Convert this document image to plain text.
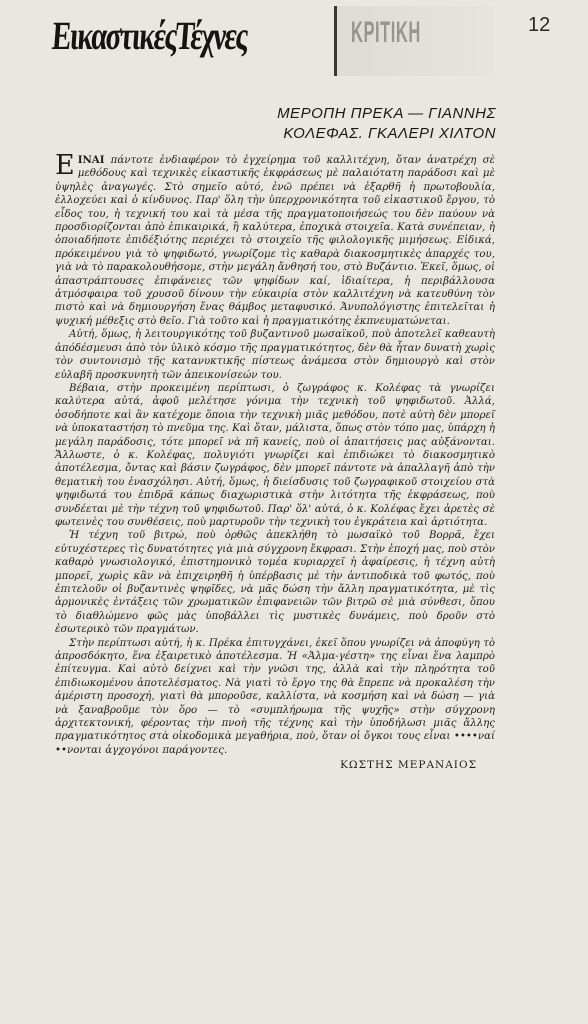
ΕικαστικέςΤέχνες	ΚΡΙΤΙΚΗ	12
ΜΕΡΟΠΗ ΠΡΕΚΑ — ΓΙΑΝΝΗΣ
ΚΟΛΕΦΑΣ. ΓΚΑΛΕΡΙ ΧΙΛΤΟΝ

ΕΙΝΑΙ πάντοτε ἐνδιαφέρον τὸ ἐγχείρημα τοῦ καλλιτέχνη, ὅταν ἀνατρέχη σὲ μεθόδους καὶ τεχνικὲς εἰκαστικῆς ἐκφράσεως μὲ παλαιότατη παράδοσι καὶ μὲ ὑψηλὲς ἀναγωγές. Στὸ σημεῖο αὐτό, ἐνῶ πρέπει νὰ ἐξαρθῆ ἡ πρωτοβουλία, ἐλλοχεύει καὶ ὁ κίνδυνος. Παρ' ὅλη τὴν ὑπερχρονικότητα τοῦ εἰκαστικοῦ ἔργου, τὸ εἶδος του, ἡ τεχνική του καὶ τὰ μέσα τῆς πραγματοποιήσεώς του δὲν παύουν νὰ προσδιορίζονται ἀπὸ ἐπικαιρικά, ἢ καλύτερα, ἐποχικὰ στοιχεῖα. Κατὰ συνέπειαν, ἡ ὁποιαδήποτε ἐπιδέξιότης περιέχει τὸ στοιχεῖο τῆς φιλολογικῆς μιμήσεως. Εἰδικά, πρόκειμένου γιὰ τὸ ψηφιδωτό, γνωρίζομε τὶς καθαρὰ διακοσμητικὲς ἀπαρχές του, γιὰ νὰ τὸ παρακολουθήσομε, στὴν μεγάλη ἄνθησή του, στὸ Βυζάντιο. Ἐκεῖ, ὅμως, οἱ ἀπαστράπτουσες ἐπιφάνειες τῶν ψηφίδων καί, ἰδιαίτερα, ἡ περιβάλλουσα ἀτμόσφαιρα τοῦ χρυσοῦ δίνουν τὴν εὐκαιρία στὸν καλλιτέχνη νὰ κατευθύνη τὸν πιστὸ καὶ νὰ δημιουργήση ἕνας θάμβος μεταφυσικό. Ἀνυπολόγιστης ἐπιτελεῖται ἡ ψυχική μέθεξις στὸ θεῖο. Γιὰ τοῦτο καὶ ἡ πραγματικότης ἐκπνευματώνεται.

Αὐτή, ὅμως, ἡ λειτουργικότης τοῦ βυζαντινοῦ μωσαϊκοῦ, ποὺ ἀποτελεῖ καθεαυτὴ ἀπόδέσμευσι ἀπὸ τὸν ὑλικὸ κόσμο τῆς πραγματικότητος, δὲν θὰ ἦταν δυνατὴ χωρὶς τὸν συντονισμὸ τῆς κατανυκτικῆς πίστεως ἀνάμεσα στὸν δημιουργὸ καὶ στὸν εὐλαβῆ προσκυνητὴ τῶν ἀπεικονίσεών του.

Βέβαια, στὴν προκειμένη περίπτωσι, ὁ ζωγράφος κ. Κολέφας τὰ γνωρίζει καλύτερα αὐτά, ἀφοῦ μελέτησε γόνιμα τὴν τεχνικὴ τοῦ ψηφιδωτοῦ. Ἀλλά, ὁσοδήποτε καὶ ἂν κατέχομε ὅποια τὴν τεχνικὴ μιᾶς μεθόδου, ποτὲ αὐτὴ δὲν μπορεῖ νὰ ὑποκαταστήση τὸ πνεῦμα της. Καὶ ὅταν, μάλιστα, ὅπως στὸν τόπο μας, ὑπάρχη ἡ μεγάλη παράδοσις, τότε μπορεῖ νὰ πῆ κανείς, ποὺ οἱ ἀπαιτήσεις μας αὐξάνονται. Ἄλλωστε, ὁ κ. Κολέφας, πολυγιότι γνωρίζει καὶ ἐπιδιώκει τὸ διακοσμητικὸ ἀποτέλεσμα, ὄντας καὶ βάσιν ζωγράφος, δὲν μπορεῖ πάντοτε νὰ ἀπαλλαγῆ ἀπὸ τὴν θεματικὴ του ἐνασχόλησι. Αὐτή, ὅμως, ἡ διείσδυσις τοῦ ζωγραφικοῦ στοιχείου στὰ ψηφιδωτά του ἐπιδρᾶ κάπως διαχωριστικὰ στὴν λιτότητα τῆς ἐκφράσεως, ποὺ συνδέεται μὲ τὴν τέχνη τοῦ ψηφιδωτοῦ. Παρ' ὅλ' αὐτά, ὁ κ. Κολέφας ἔχει ἀρετὲς σὲ φωτεινὲς του συνθέσεις, ποὺ μαρτυροῦν τὴν τεχνικὴ του ἐγκράτεια καὶ ἀρτιότητα.

Ἡ τέχνη τοῦ βιτρώ, ποὺ ὀρθῶς ἀπεκλήθη τὸ μωσαϊκὸ τοῦ Βορρᾶ, ἔχει εὐτυχέστερες τὶς δυνατότητες γιὰ μιὰ σύγχρονη ἔκφρασι. Στὴν ἐποχή μας, ποὺ στὸν καθαρὸ γνωσιολογικό, ἐπιστημονικὸ τομέα κυριαρχεῖ ἡ ἀφαίρεσις, ἡ τέχνη αὐτὴ μπορεῖ, χωρὶς κἂν νὰ ἐπιχειρηθῆ ἡ ὑπέρβασις μὲ τὴν ἀντιποδικὰ τοῦ φωτός, ποὺ ἐπιτελοῦν οἱ βυζαντινὲς ψηφῖδες, νὰ μᾶς δώση τὴν ἄλλη πραγματικότητα, μὲ τὶς ἁρμονικὲς ἐντάξεις τῶν χρωματικῶν ἐπιφανειῶν τῶν βιτρῶ σὲ μιὰ σύνθεσι, ὅπου τὸ διαθλώμενο φῶς μὰς ὑποβάλλει τὶς μυστικὲς δυνάμεις, ποὺ δροῦν στὸ ἐσωτερικὸ τῶν πραγμάτων.

Στὴν περίπτωσι αὐτή, ἡ κ. Πρέκα ἐπιτυγχάνει, ἐκεῖ ὅπου γνωρίζει νὰ ἀποφύγη τὸ ἀπροσδόκητο, ἕνα ἐξαιρετικὸ ἀποτέλεσμα. Ἡ «Ἀλμα-γέστη» της εἶναι ἕνα λαμπρὸ ἐπίτευγμα. Καὶ αὐτὸ δείχνει καὶ τὴν γνῶσι της, ἀλλὰ καὶ τὴν πληρότητα τοῦ ἐπιδιωκομένου ἀποτελέσματος. Νὰ γιατὶ τὸ ἔργο της θὰ ἔπρεπε νὰ προκαλέση τὴν ἀμέριστη προσοχή, γιατὶ θὰ μποροῦσε, καλλίστα, νὰ κοσμήση καὶ νὰ δώση — γιὰ νὰ ξαναβροῦμε τὸν ὅρο — τὸ «συμπλήρωμα τῆς ψυχῆς» στὴν σύγχρονη ἀρχιτεκτονική, φέροντας τὴν πνοὴ τῆς τέχνης καὶ τὴν ὑποδήλωσι μιᾶς ἄλλης πραγματικότητος στὰ οἰκοδομικὰ μεγαθήρια, ποὺ, ὅταν οἱ ὄγκοι τους εἶναι ••••ναί ••νονται ἀγχογόνοι παράγοντες.

ΚΩΣΤΗΣ ΜΕΡΑΝΑΙΟΣ
